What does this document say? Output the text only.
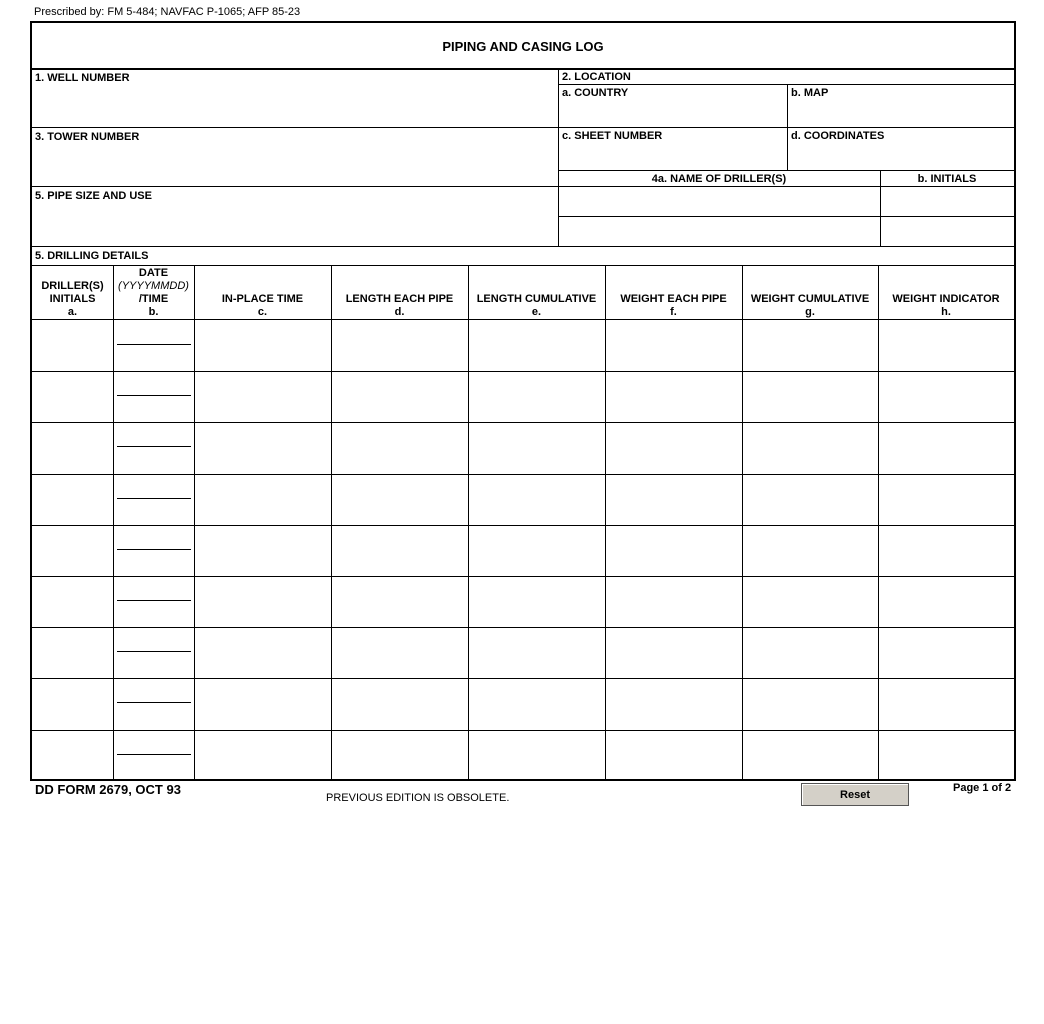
Prescribed by: FM 5-484; NAVFAC P-1065; AFP 85-23
PIPING AND CASING LOG
1. WELL NUMBER
3. TOWER NUMBER
5. PIPE SIZE AND USE
2. LOCATION
a. COUNTRY	b. MAP
c. SHEET NUMBER	d. COORDINATES
4a. NAME OF DRILLER(S)	b. INITIALS
5. DRILLING DETAILS
DRILLER(S)
INITIALS
a.
DATE
(YYYYMMDD)
/TIME
b.
IN-PLACE TIME
c.
LENGTH EACH PIPE
d.
LENGTH CUMULATIVE
e.
WEIGHT EACH PIPE
f.
WEIGHT CUMULATIVE
g.
WEIGHT INDICATOR
h.
DD FORM 2679, OCT 93
PREVIOUS EDITION IS OBSOLETE.	Reset
Page 1 of 2
